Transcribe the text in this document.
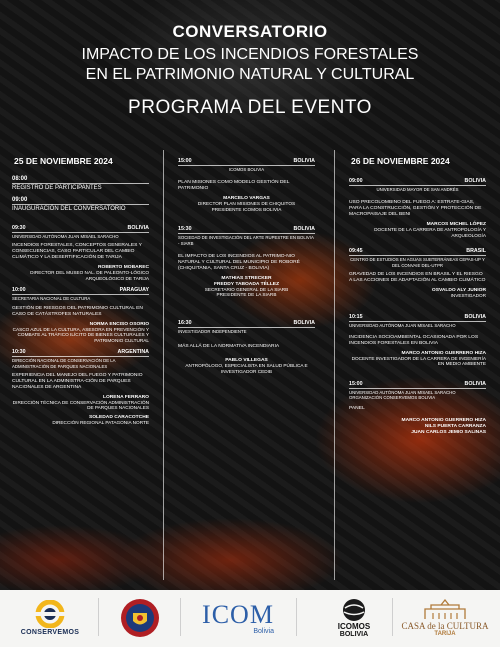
CONVERSATORIO
IMPACTO DE LOS INCENDIOS FORESTALES
EN EL PATRIMONIO NATURAL Y CULTURAL
PROGRAMA DEL EVENTO
25 DE NOVIEMBRE 2024
08:00
REGISTRO DE PARTICIPANTES
09:00
INAUGURACIÓN DEL CONVERSATORIO
09:30	BOLIVIA
UNIVERSIDAD AUTÓNOMA JUAN MISAEL SARACHO
INCENDIOS FORESTALES, CONCEPTOS GENERALES Y CONSECUENCIAS, CASO PARTICULAR DEL CAMBIO CLIMÁTICO Y LA DESERTIFICACIÓN DE TARIJA
ROBERTO MOBAREC
DIRECTOR DEL MUSEO NAL. DE PALEONTO-LÓGICO ARQUEOLÓGICO DE TARIJA
10:00	PARAGUAY
SECRETARIA NACIONAL DE CULTURA
GESTIÓN DE RIESGOS DEL PATRIMONIO CULTURAL EN CASO DE CATÁSTROFES NATURALES
NORMA ENCISO OSORIO
CASCO AZUL DE LA CULTURA, ASESORA EN PREVENCIÓN Y COMBATE AL TRÁFICO ILÍCITO DE BIENES CULTURALES Y PATRIMONIO CULTURAL
10:30	ARGENTINA
DIRECCIÓN NACIONAL DE CONSERVACIÓN DE LA ADMINISTRACIÓN DE PARQUES NACIONALES
EXPERIENCIA DEL MANEJO DEL FUEGO Y PATRIMONIO CULTURAL EN LA ADMINISTRA-CIÓN DE PARQUES NACIONALES DE ARGENTINA
LORENA FERRARO
DIRECCIÓN TÉCNICA DE CONSERVACIÓN ADMINISTRACIÓN DE PARQUES NACIONALES
SOLEDAD CARACOTCHE
DIRECCIÓN REGIONAL PATAGONIA NORTE
15:00	BOLIVIA
ICOMOS BOLIVIA
PLAN MISIONES COMO MODELO GESTIÓN DEL PATRIMONIO
MARCELO VARGAS
DIRECTOR PLAN MISIONES DE CHIQUITOS
PRESIDENTE ICOMOS BOLIVIA
15:30	BOLIVIA
SOCIEDAD DE INVESTIGACIÓN DEL ARTE RUPESTRE EN BOLIVIA - SIARB
EL IMPACTO DE LOS INCENDIOS AL PATRIMO-NIO NATURAL Y CULTURAL DEL MUNICIPIO DE ROBORÉ (CHIQUITANIA, SANTA CRUZ - BOLIVIA)
MATHIAS STRECKER
FREDDY TABOADA TÉLLEZ
SECRETARIO GENERAL DE LA SIARB
PRESIDENTE DE LA SIARB
16:30	BOLIVIA
INVESTIGADOR INDEPENDIENTE
MÁS ALLÁ DE LA NORMATIVA INCENDIARIA
PABLO VILLEGAS
ANTROPÓLOGO, ESPECIALISTA EN SALUD PÚBLICA E INVESTIGADOR CEDIB
26 DE NOVIEMBRE 2024
09:00	BOLIVIA
UNIVERSIDAD MAYOR DE SAN ANDRÉS
USO PRECOLOMBINO DEL FUEGO A: ESTRATE-GIAS, PARA LA CONSTRUCCIÓN, GESTIÓN Y PROTECCIÓN DE MACROPAISAJE DEL BENI
MARCOS MICHEL LÓPEZ
DOCENTE DE LA CARRERA DE ANTROPOLOGÍA Y ARQUEOLOGÍA
09:45	BRASIL
CENTRO DE ESTUDIOS EN AGUAS SUBTERRÁNEAS CEPAS-UP Y DEL CONVAIE DEL-UTPR
GRAVEDAD DE LOS INCENDIOS EN BRASIL Y EL RIESGO A LAS ACCIONES DE ADAPTACIÓN AL CAMBIO CLIMÁTICO
OSVALDO ALY JUNIOR
INVESTIGADOR
10:15	BOLIVIA
UNIVERSIDAD AUTÓNOMA JUAN MISAEL SARACHO
INCIDENCIA SOCIOAMBIENTAL OCASIONADA POR LOS INCENDIOS FORESTALES EN BOLIVIA
MARCO ANTONIO GUERRERO HIZA
DOCENTE INVESTIGADOR DE LA CARRERA DE INGENIERÍA EN MEDIO AMBIENTE
15:00	BOLIVIA
UNIVERSIDAD AUTÓNOMA JUAN MISAEL SARACHO ORGANIZACIÓN CONSERVEMOS BOLIVIA
PANEL
MARCO ANTONIO GUERRERO HIZA
NILS PUERTA CARRANZA
JUAN CARLOS JEMIO SALINAS
CONSERVEMOS
ICOM
Bolivia	ICOMOS
BOLIVIA
CASA de la CULTURA
TARIJA
